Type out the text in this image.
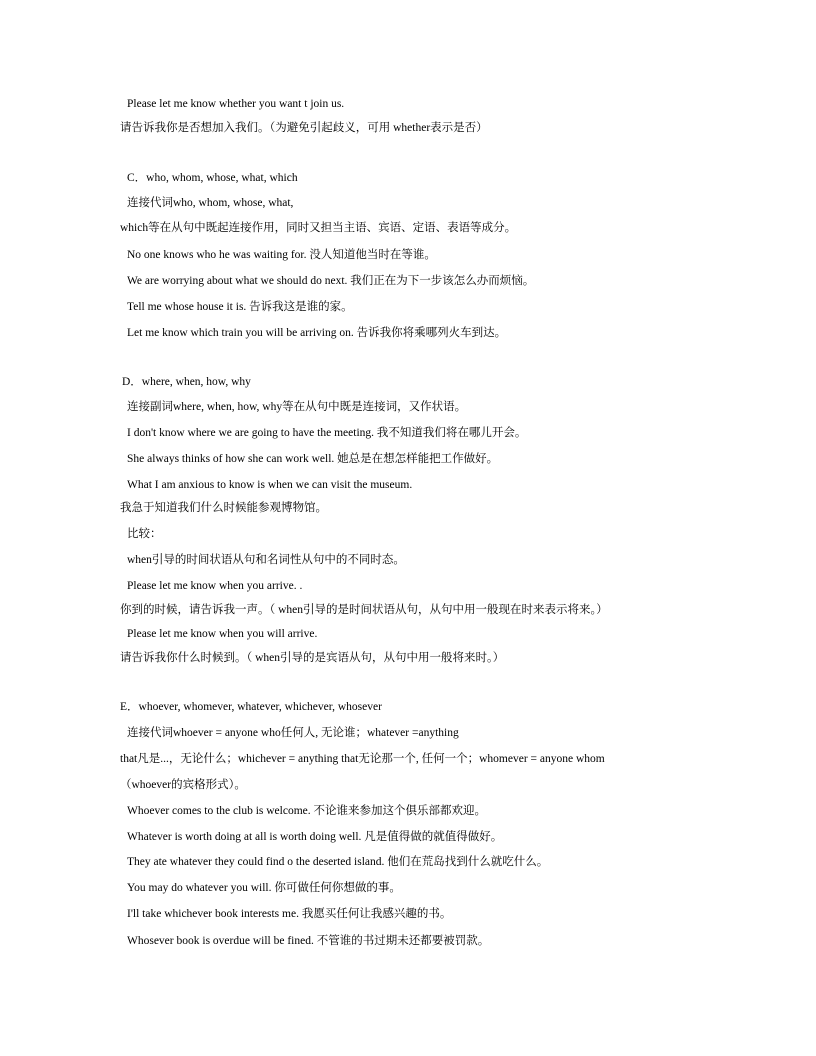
Please let me know whether you want t join us.
请告诉我你是否想加入我们。（为避免引起歧义，可用 whether表示是否）
C．who, whom, whose, what, which
连接代词who, whom, whose, what,
which等在从句中既起连接作用，同时又担当主语、宾语、定语、表语等成分。
No one knows who he was waiting for. 没人知道他当时在等谁。
We are worrying about what we should do next. 我们正在为下一步该怎么办而烦恼。
Tell me whose house it is. 告诉我这是谁的家。
Let me know which train you will be arriving on. 告诉我你将乘哪列火车到达。
D．where, when, how, why
连接副词where, when, how, why等在从句中既是连接词，又作状语。
I don't know where we are going to have the meeting. 我不知道我们将在哪儿开会。
She always thinks of how she can work well. 她总是在想怎样能把工作做好。
What I am anxious to know is when we can visit the museum.
我急于知道我们什么时候能参观博物馆。
比较：
when引导的时间状语从句和名词性从句中的不同时态。
Please let me know when you arrive. .
你到的时候，请告诉我一声。（ when引导的是时间状语从句，从句中用一般现在时来表示将来。）
Please let me know when you will arrive.
请告诉我你什么时候到。（ when引导的是宾语从句，从句中用一般将来时。）
E．whoever, whomever, whatever, whichever, whosever
连接代词whoever = anyone who任何人, 无论谁；whatever =anything
that凡是...，无论什么；whichever = anything that无论那一个, 任何一个；whomever = anyone whom
（whoever的宾格形式）。
Whoever comes to the club is welcome. 不论谁来参加这个俱乐部都欢迎。
Whatever is worth doing at all is worth doing well. 凡是值得做的就值得做好。
They ate whatever they could find o the deserted island. 他们在荒岛找到什么就吃什么。
You may do whatever you will. 你可做任何你想做的事。
I'll take whichever book interests me. 我愿买任何让我感兴趣的书。
Whosever book is overdue will be fined. 不管谁的书过期未还都要被罚款。
